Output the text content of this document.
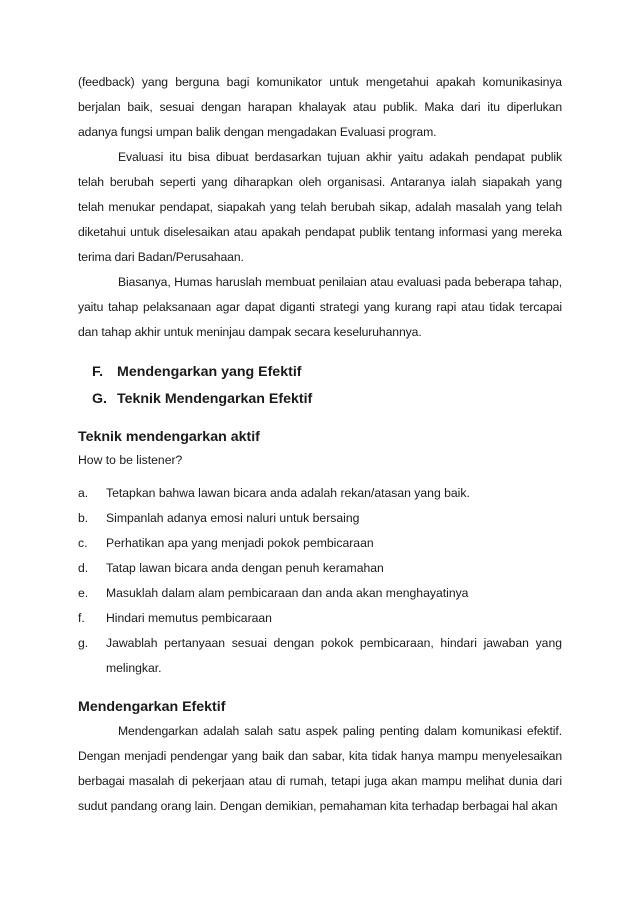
(feedback) yang berguna bagi komunikator untuk mengetahui apakah komunikasinya berjalan baik, sesuai dengan harapan khalayak atau publik. Maka dari itu diperlukan adanya fungsi umpan balik dengan mengadakan Evaluasi program.

Evaluasi itu bisa dibuat berdasarkan tujuan akhir yaitu adakah pendapat publik telah berubah seperti yang diharapkan oleh organisasi. Antaranya ialah siapakah yang telah menukar pendapat, siapakah yang telah berubah sikap, adalah masalah yang telah diketahui untuk diselesaikan atau apakah pendapat publik tentang informasi yang mereka terima dari Badan/Perusahaan.

Biasanya, Humas haruslah membuat penilaian atau evaluasi pada beberapa tahap, yaitu tahap pelaksanaan agar dapat diganti strategi yang kurang rapi atau tidak tercapai dan tahap akhir untuk meninjau dampak secara keseluruhannya.

F. Mendengarkan yang Efektif
G. Teknik Mendengarkan Efektif
Teknik mendengarkan aktif

How to be listener?

a.	Tetapkan bahwa lawan bicara anda adalah rekan/atasan yang baik.
b.	Simpanlah adanya emosi naluri untuk bersaing
c.	Perhatikan apa yang menjadi pokok pembicaraan
d.	Tatap lawan bicara anda dengan penuh keramahan
e.	Masuklah dalam alam pembicaraan dan anda akan menghayatinya
f.	Hindari memutus pembicaraan
g.	Jawablah pertanyaan sesuai dengan pokok pembicaraan, hindari jawaban yang melingkar.
Mendengarkan Efektif

Mendengarkan adalah salah satu aspek paling penting dalam komunikasi efektif. Dengan menjadi pendengar yang baik dan sabar, kita tidak hanya mampu menyelesaikan berbagai masalah di pekerjaan atau di rumah, tetapi juga akan mampu melihat dunia dari sudut pandang orang lain. Dengan demikian, pemahaman kita terhadap berbagai hal akan
